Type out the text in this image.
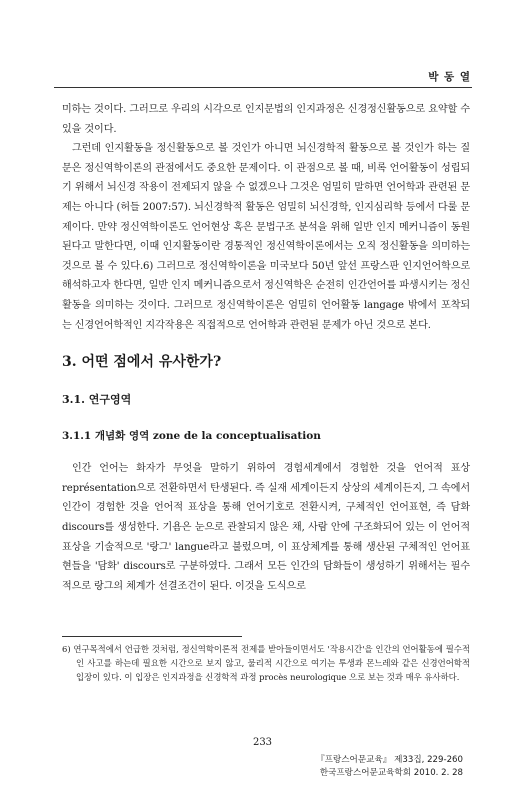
박 동 열

미하는 것이다. 그러므로 우리의 시각으로 인지문법의 인지과정은 신경정신활동으로 요약할 수 있을 것이다.

그런데 인지활동을 정신활동으로 볼 것인가 아니면 뇌신경학적 활동으로 볼 것인가 하는 질문은 정신역학이론의 관점에서도 중요한 문제이다. 이 관점으로 볼 때, 비록 언어활동이 성립되기 위해서 뇌신경 작용이 전제되지 않을 수 없겠으나 그것은 엄밀히 말하면 언어학과 관련된 문제는 아니다 (허들 2007:57). 뇌신경학적 활동은 엄밀히 뇌신경학, 인지심리학 등에서 다룰 문제이다. 만약 정신역학이론도 언어현상 혹은 문법구조 분석을 위해 일반 인지 메커니즘이 동원된다고 말한다면, 이때 인지활동이란 경통적인 정신역학이론에서는 오직 정신활동을 의미하는 것으로 볼 수 있다.6) 그러므로 정신역학이론을 미국보다 50년 앞선 프랑스판 인지언어학으로 해석하고자 한다면, 일반 인지 메커니즘으로서 정신역학은 순전히 인간언어를 파생시키는 정신활동을 의미하는 것이다. 그러므로 정신역학이론은 엄밀히 언어활동 langage 밖에서 포착되는 신경언어학적인 지각작용은 직접적으로 언어학과 관련된 문제가 아닌 것으로 본다.

3. 어떤 점에서 유사한가?
3.1. 연구영역
3.1.1 개념화 영역 zone de la conceptualisation

인간 언어는 화자가 무엇을 말하기 위하여 경험세계에서 경험한 것을 언어적 표상 représentation으로 전환하면서 탄생된다. 즉 실재 세계이든지 상상의 세계이든지, 그 속에서 인간이 경험한 것을 언어적 표상을 통해 언어기호로 전환시켜, 구체적인 언어표현, 즉 담화 discours를 생성한다. 기욤은 눈으로 관찰되지 않은 채, 사람 안에 구조화되어 있는 이 언어적 표상을 기술적으로 '랑그' langue라고 불렀으며, 이 표상체계를 통해 생산된 구체적인 언어표현들을 '담화' discours로 구분하였다. 그래서 모든 인간의 담화들이 생성하기 위해서는 필수적으로 랑그의 체계가 선결조건이 된다. 이것을 도식으로

6) 연구목적에서 언급한 것처럼, 정신역학이론적 전제를 받아들이면서도 '작용시간'을 인간의 언어활동에 필수적인 사고를 하는데 필요한 시간으로 보지 않고, 물리적 시간으로 여기는 투생과 몬느레와 같은 신경언어학적 입장이 있다. 이 입장은 인지과정을 신경학적 과정 procès neurologique 으로 보는 것과 매우 유사하다.
233
『프랑스어문교육』 제33집, 229-260
한국프랑스어문교육학회 2010. 2. 28
